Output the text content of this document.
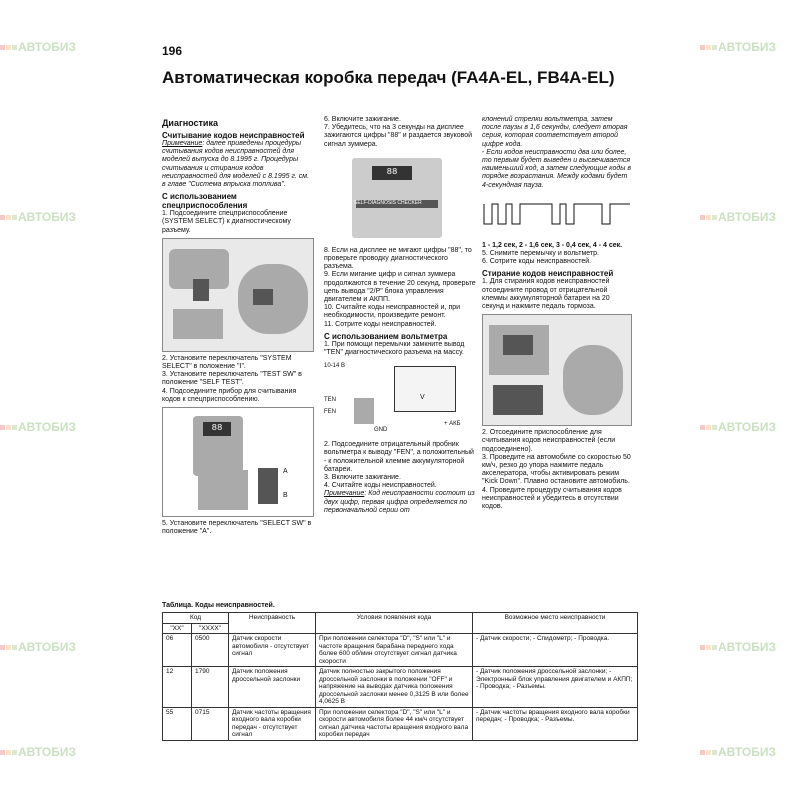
АВТОБИЗ	АВТОБИЗ
АВТОБИЗ	АВТОБИЗ
АВТОБИЗ	АВТОБИЗ
АВТОБИЗ	АВТОБИЗ
АВТОБИЗ	АВТОБИЗ
196
Автоматическая коробка передач (FA4A-EL, FB4A-EL)
Диагностика
Считывание кодов неисправностей

Примечание: далее приведены процедуры считывания кодов неисправностей для моделей выпуска до 8.1995 г. Процедуры считывания и стирания кодов неисправностей для моделей с 8.1995 г. см. в главе "Система впрыска топлива".

С использованием спецприспособления

1. Подсоедините спецприспособление (SYSTEM SELECT) к диагностическому разъему.

2. Установите переключатель "SYSTEM SELECT" в положение "I".

3. Установите переключатель "TEST SW" в положение "SELF TEST".

4. Подсоедините прибор для считывания кодов к спецприспособлению.

88
A
B

5. Установите переключатель "SELECT SW" в положение "A".

6. Включите зажигание.

7. Убедитесь, что на 3 секунды на дисплее зажигаются цифры "88" и раздается звуковой сигнал зуммера.

88
SELF-DIAGNOSIS CHECKER

8. Если на дисплее не мигают цифры "88", то проверьте проводку диагностического разъема.

9. Если мигание цифр и сигнал зуммера продолжаются в течение 20 секунд, проверьте цепь вывода "2/P" блока управления двигателем и АКПП.

10. Считайте коды неисправностей и, при необходимости, произведите ремонт.

11. Сотрите коды неисправностей.

С использованием вольтметра

1. При помощи перемычки замкните вывод "TEN" диагностического разъема на массу.

10-14 В
V
TEN
FEN
GND
+ АКБ

2. Подсоедините отрицательный пробник вольтметра к выводу "FEN", а положительный - к положительной клемме аккумуляторной батареи.

3. Включите зажигание.

4. Считайте коды неисправностей.

Примечание: Код неисправности состоит из двух цифр, первая цифра определяется по первоначальной серии от

клонений стрелки вольтметра, затем после паузы в 1,6 секунды, следует вторая серия, которая соответствует второй цифре кода.

- Если кодов неисправности два или более, то первым будет выведен и высвечивается наименьший код, а затем следующие коды в порядке возрастания. Между кодами будет 4-секундная пауза.

1 - 1,2 сек, 2 - 1,6 сек, 3 - 0,4 сек, 4 - 4 сек.

5. Снимите перемычку и вольтметр.

6. Сотрите коды неисправностей.

Стирание кодов неисправностей

1. Для стирания кодов неисправностей отсоедините провод от отрицательной клеммы аккумуляторной батареи на 20 секунд и нажмите педаль тормоза.

2. Отсоедините приспособление для считывания кодов неисправностей (если подсоединено).

3. Проведите на автомобиле со скоростью 50 км/ч, резко до упора нажмите педаль акселератора, чтобы активировать режим "Kick Down". Плавно остановите автомобиль.

4. Проведите процедуру считывания кодов неисправностей и убедитесь в отсутствии кодов.

Таблица. Коды неисправностей.
Код		Неисправность	Условия появления кода	Возможное место неисправности
"XX"	"XXXX"			
06	0500	Датчик скорости автомобиля - отсутствует сигнал	При положении селектора "D", "S" или "L" и частоте вращения барабана переднего хода более 600 об/мин отсутствует сигнал датчика скорости	- Датчик скорости; - Спидометр; - Проводка.
12	1790	Датчик положения дроссельной заслонки	Датчик полностью закрытого положения дроссельной заслонки в положении "OFF" и напряжение на выводах датчика положения дроссельной заслонки менее 0,3125 В или более 4,0625 В	- Датчик положения дроссельной заслонки; - Электронный блок управления двигателем и АКПП; - Проводка; - Разъемы.
55	0715	Датчик частоты вращения входного вала коробки передач - отсутствует сигнал	При положении селектора "D", "S" или "L" и скорости автомобиля более 44 км/ч отсутствует сигнал датчика частоты вращения входного вала коробки передач	- Датчик частоты вращения входного вала коробки передач; - Проводка; - Разъемы.
